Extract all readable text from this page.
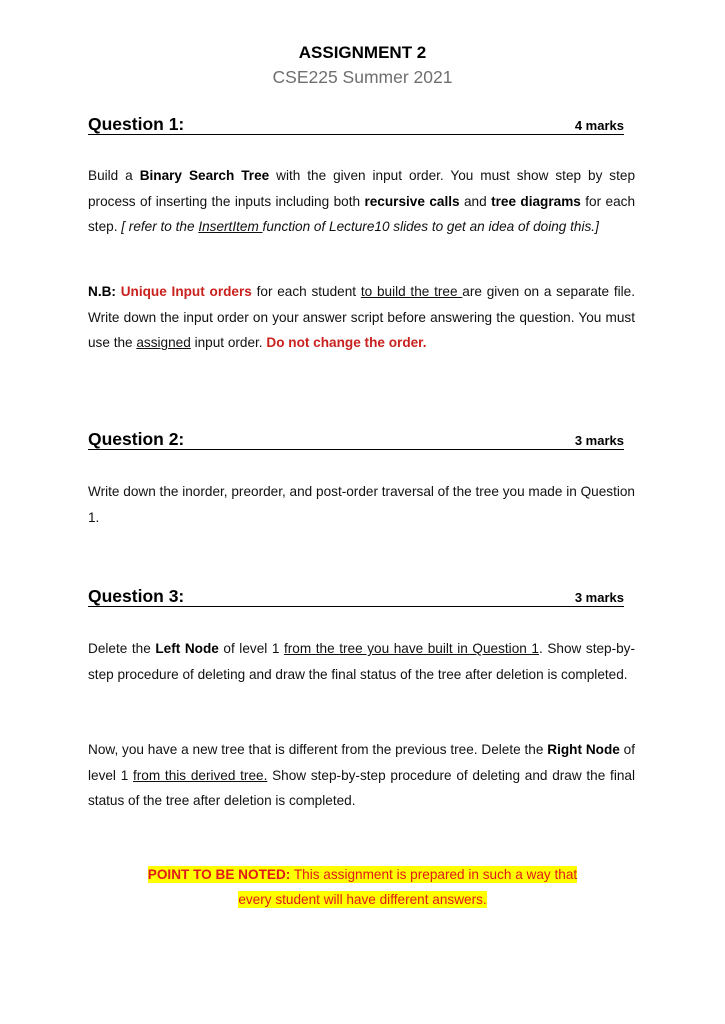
ASSIGNMENT 2
CSE225 Summer 2021
Question 1:	4 marks
Build a Binary Search Tree with the given input order. You must show step by step process of inserting the inputs including both recursive calls and tree diagrams for each step. [ refer to the InsertItem function of Lecture10 slides to get an idea of doing this.]
N.B: Unique Input orders for each student to build the tree are given on a separate file. Write down the input order on your answer script before answering the question. You must use the assigned input order. Do not change the order.
Question 2:	3 marks
Write down the inorder, preorder, and post-order traversal of the tree you made in Question 1.
Question 3:	3 marks
Delete the Left Node of level 1 from the tree you have built in Question 1. Show step-by-step procedure of deleting and draw the final status of the tree after deletion is completed.
Now, you have a new tree that is different from the previous tree. Delete the Right Node of level 1 from this derived tree. Show step-by-step procedure of deleting and draw the final status of the tree after deletion is completed.
POINT TO BE NOTED: This assignment is prepared in such a way that
every student will have different answers.
